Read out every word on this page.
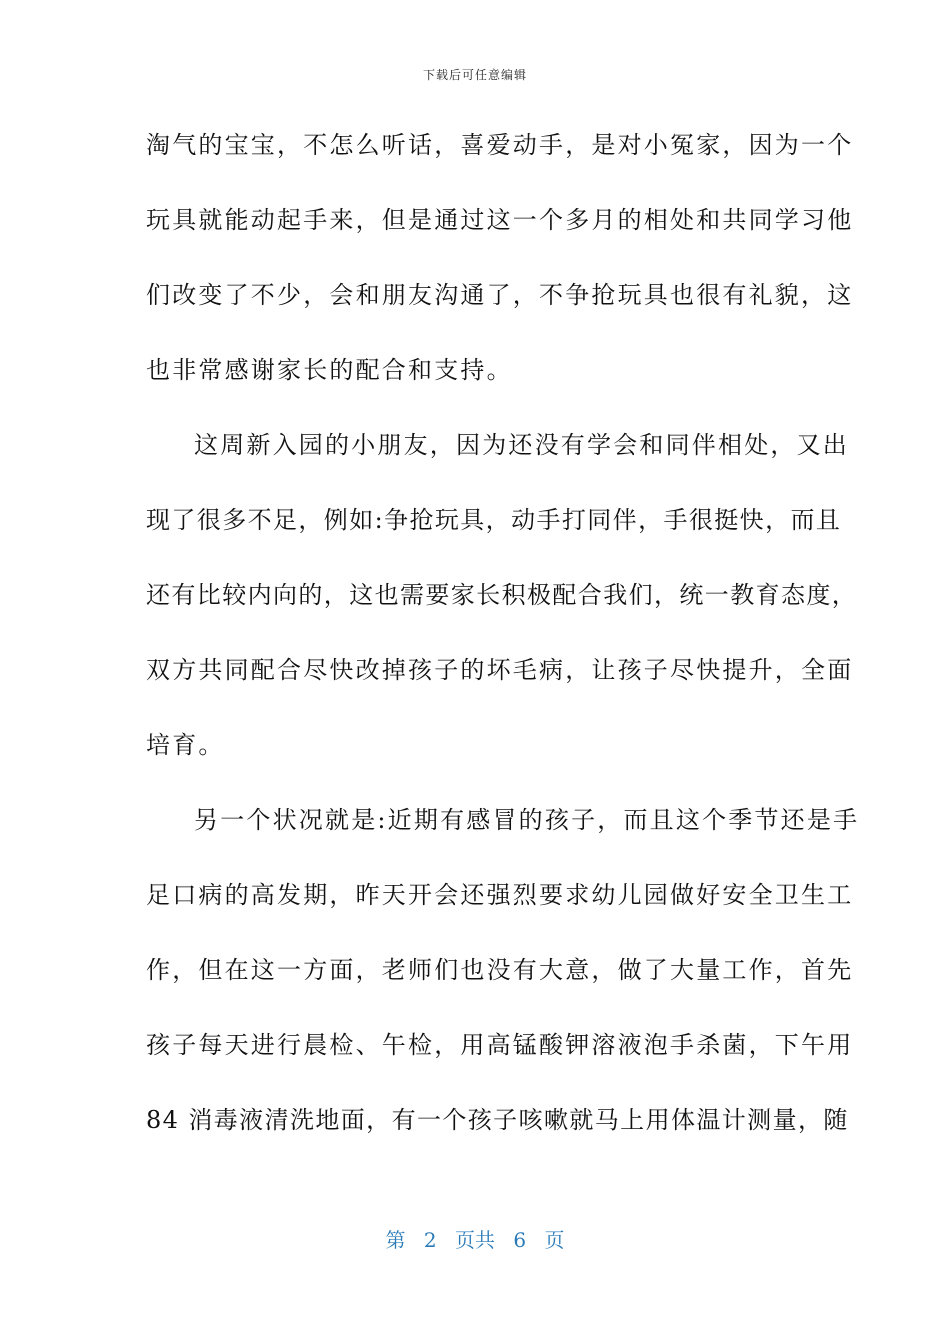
下载后可任意编辑
淘气的宝宝，不怎么听话，喜爱动手，是对小冤家，因为一个
玩具就能动起手来，但是通过这一个多月的相处和共同学习他
们改变了不少，会和朋友沟通了，不争抢玩具也很有礼貌，这
也非常感谢家长的配合和支持。
这周新入园的小朋友，因为还没有学会和同伴相处，又出
现了很多不足，例如:争抢玩具，动手打同伴，手很挺快，而且
还有比较内向的，这也需要家长积极配合我们，统一教育态度，
双方共同配合尽快改掉孩子的坏毛病，让孩子尽快提升，全面
培育。
另一个状况就是:近期有感冒的孩子，而且这个季节还是手
足口病的高发期，昨天开会还强烈要求幼儿园做好安全卫生工
作，但在这一方面，老师们也没有大意，做了大量工作，首先
孩子每天进行晨检、午检，用高锰酸钾溶液泡手杀菌，下午用
84 消毒液清洗地面，有一个孩子咳嗽就马上用体温计测量，随
第 2 页共 6 页
